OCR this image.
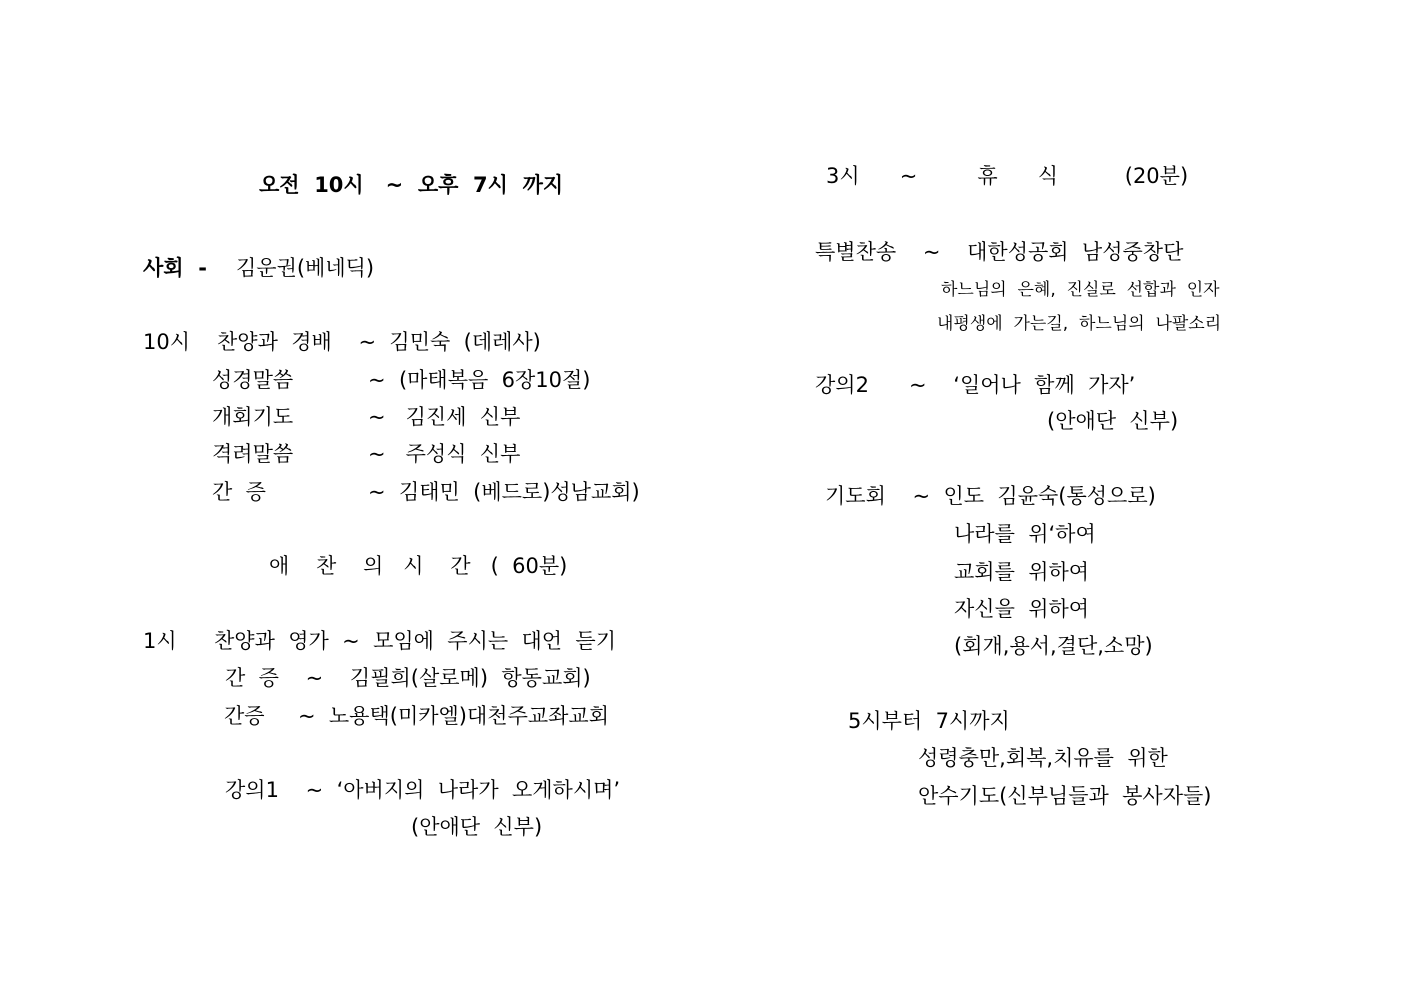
오전  10시   ~  오후  7시  까지
사회  - 김운권(베네딕)
10시 찬양과  경배    ~  김민숙  (데레사)
성경말씀	~  (마태복음  6장10절)
개회기도	~   김진세  신부
격려말씀	~   주성식  신부
간  증	~  김태민  (베드로)성남교회)
애    찬    의   시    간   (  60분)
1시 찬양과  영가  ~  모임에  주시는  대언  듣기
간  증    ~    김필희(살로메)  항동교회)
간증     ~  노용택(미카엘)대천주교좌교회
강의1    ~  ‘아버지의  나라가  오게하시며’
(안애단  신부)
3시      ~         휴      식          (20분)
특별찬송    ~    대한성공회  남성중창단
하느님의  은혜,  진실로  선합과  인자
내평생에  가는길,  하느님의  나팔소리
강의2      ~    ‘일어나  함께  가자’
(안애단  신부)
기도회    ~  인도  김윤숙(통성으로)
나라를  위‘하여
교회를  위하여
자신을  위하여
(회개,용서,결단,소망)
5시부터  7시까지
성령충만,회복,치유를  위한
안수기도(신부님들과  봉사자들)
